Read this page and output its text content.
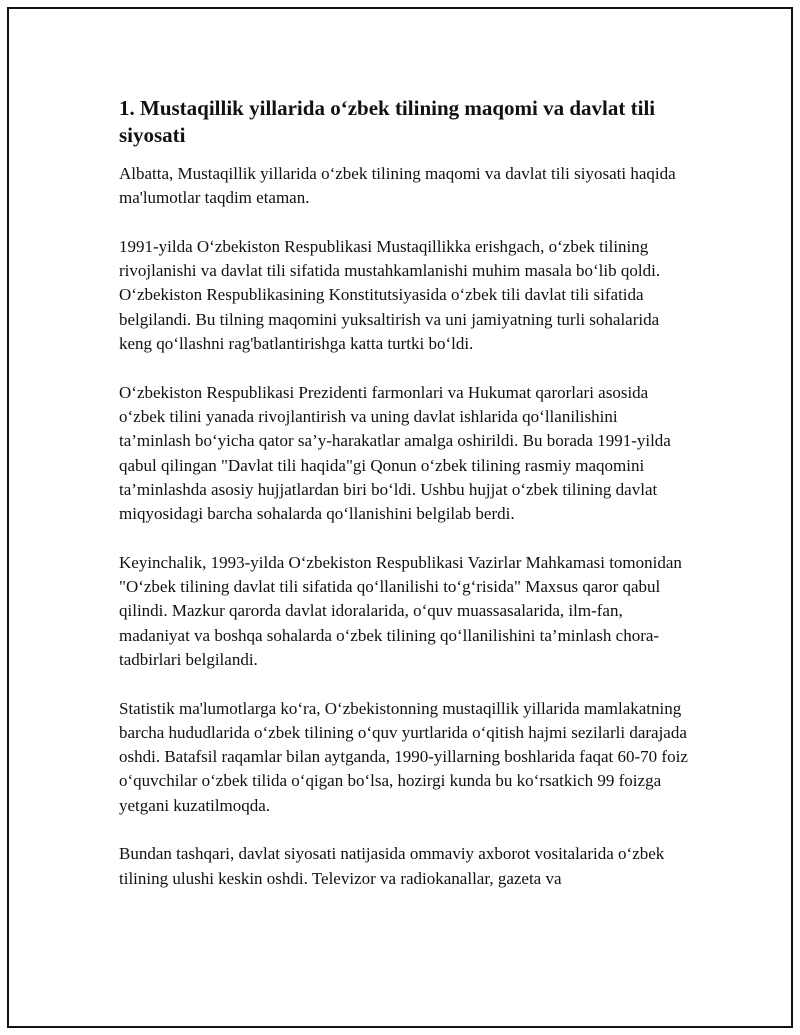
1. Mustaqillik yillarida o‘zbek tilining maqomi va davlat tili siyosati

Albatta, Mustaqillik yillarida o‘zbek tilining maqomi va davlat tili siyosati haqida ma'lumotlar taqdim etaman.

1991-yilda O‘zbekiston Respublikasi Mustaqillikka erishgach, o‘zbek tilining rivojlanishi va davlat tili sifatida mustahkamlanishi muhim masala bo‘lib qoldi. O‘zbekiston Respublikasining Konstitutsiyasida o‘zbek tili davlat tili sifatida belgilandi. Bu tilning maqomini yuksaltirish va uni jamiyatning turli sohalarida keng qo‘llashni rag'batlantirishga katta turtki bo‘ldi.

O‘zbekiston Respublikasi Prezidenti farmonlari va Hukumat qarorlari asosida o‘zbek tilini yanada rivojlantirish va uning davlat ishlarida qo‘llanilishini ta’minlash bo‘yicha qator sa’y-harakatlar amalga oshirildi. Bu borada 1991-yilda qabul qilingan "Davlat tili haqida"gi Qonun o‘zbek tilining rasmiy maqomini ta’minlashda asosiy hujjatlardan biri bo‘ldi. Ushbu hujjat o‘zbek tilining davlat miqyosidagi barcha sohalarda qo‘llanishini belgilab berdi.

Keyinchalik, 1993-yilda O‘zbekiston Respublikasi Vazirlar Mahkamasi tomonidan "O‘zbek tilining davlat tili sifatida qo‘llanilishi to‘g‘risida" Maxsus qaror qabul qilindi. Mazkur qarorda davlat idoralarida, o‘quv muassasalarida, ilm-fan, madaniyat va boshqa sohalarda o‘zbek tilining qo‘llanilishini ta’minlash chora-tadbirlari belgilandi.

Statistik ma'lumotlarga ko‘ra, O‘zbekistonning mustaqillik yillarida mamlakatning barcha hududlarida o‘zbek tilining o‘quv yurtlarida o‘qitish hajmi sezilarli darajada oshdi. Batafsil raqamlar bilan aytganda, 1990-yillarning boshlarida faqat 60-70 foiz o‘quvchilar o‘zbek tilida o‘qigan bo‘lsa, hozirgi kunda bu ko‘rsatkich 99 foizga yetgani kuzatilmoqda.

Bundan tashqari, davlat siyosati natijasida ommaviy axborot vositalarida o‘zbek tilining ulushi keskin oshdi. Televizor va radiokanallar, gazeta va
